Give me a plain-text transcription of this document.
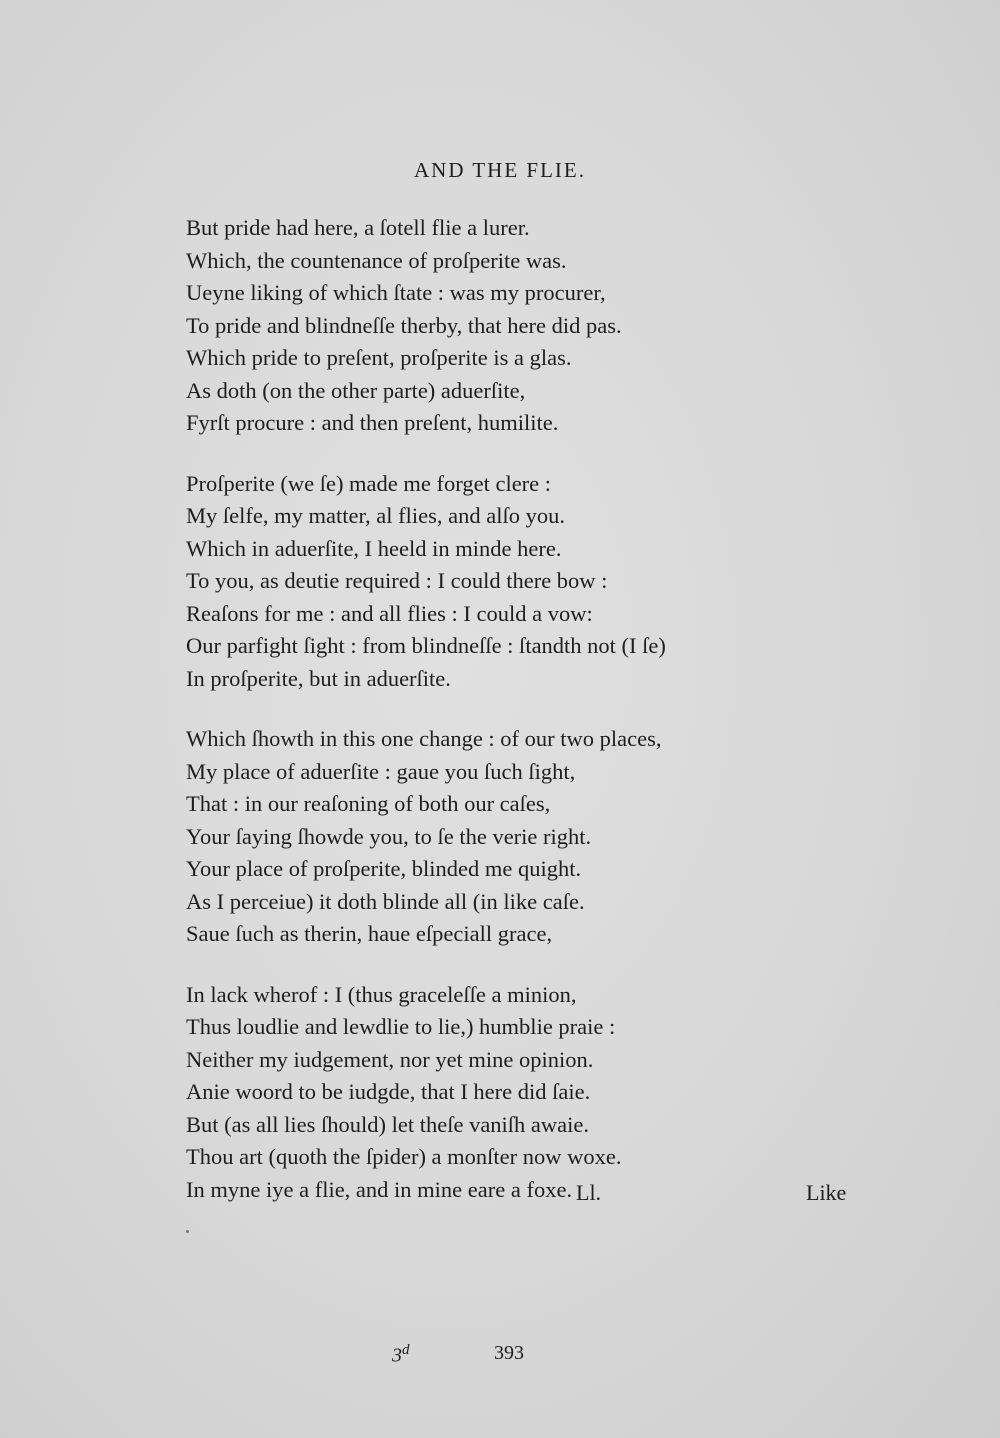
AND THE FLIE.
But pride had here, a ſotell flie a lurer.
Which, the countenance of proſperite was.
Ueyne liking of which ſtate : was my procurer,
To pride and blindneſſe therby, that here did pas.
Which pride to preſent, proſperite is a glas.
As doth (on the other parte) aduerſite,
Fyrſt procure : and then preſent, humilite.
Proſperite (we ſe) made me forget clere :
My ſelfe, my matter, al flies, and alſo you.
Which in aduerſite, I heeld in minde here.
To you, as deutie required : I could there bow :
Reaſons for me : and all flies : I could a vow:
Our parfight ſight : from blindneſſe : ſtandth not (I ſe)
In proſperite, but in aduerſite.
Which ſhowth in this one change : of our two places,
My place of aduerſite : gaue you ſuch ſight,
That : in our reaſoning of both our caſes,
Your ſaying ſhowde you, to ſe the verie right.
Your place of proſperite, blinded me quight.
As I perceiue) it doth blinde all (in like caſe.
Saue ſuch as therin, haue eſpeciall grace,
In lack wherof : I (thus graceleſſe a minion,
Thus loudlie and lewdlie to lie,) humblie praie :
Neither my iudgement, nor yet mine opinion.
Anie woord to be iudgde, that I here did ſaie.
But (as all lies ſhould) let theſe vaniſh awaie.
Thou art (quoth the ſpider) a monſter now woxe.
In myne iye a flie, and in mine eare a foxe. Ll.	Like
3$^d$	393
